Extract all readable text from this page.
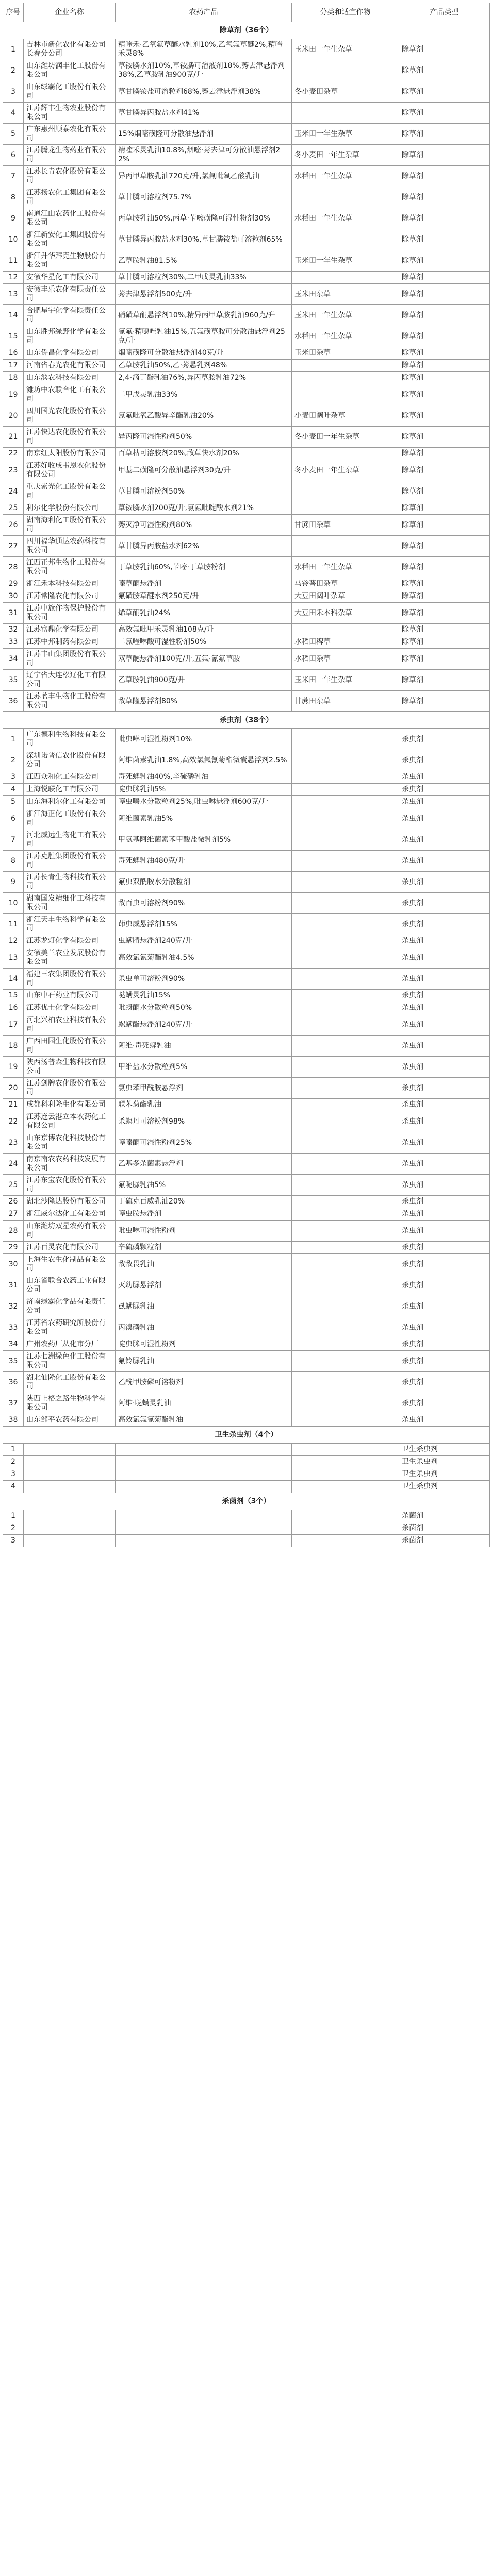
序号	企业名称	农药产品	分类和适宜作物	产品类型
除草剂（36个）				
1	吉林市新化农化有限公司长春分公司	精喹禾·乙氧氟草醚水乳剂10%,乙氧氟草醚2%,精喹禾灵8%	玉米田一年生杂草	除草剂
2	山东潍坊润丰化工股份有限公司	草铵膦水剂10%,草铵膦可溶液剂18%,莠去津悬浮剂38%,乙草胺乳油900克/升		除草剂
3	山东绿霸化工股份有限公司	草甘膦铵盐可溶粒剂68%,莠去津悬浮剂38%	冬小麦田杂草	除草剂
4	江苏辉丰生物农业股份有限公司	草甘膦异丙胺盐水剂41%		除草剂
5	广东惠州顺泰农化有限公司	15%烟嘧磺隆可分散油悬浮剂	玉米田一年生杂草	除草剂
6	江苏腾龙生物药业有限公司	精喹禾灵乳油10.8%,烟嘧·莠去津可分散油悬浮剂22%	冬小麦田一年生杂草	除草剂
7	江苏长青农化股份有限公司	异丙甲草胺乳油720克/升,氯氟吡氧乙酸乳油	水稻田一年生杂草	除草剂
8	江苏扬农化工集团有限公司	草甘膦可溶粒剂75.7%		除草剂
9	南通江山农药化工股份有限公司	丙草胺乳油50%,丙草·苄嘧磺隆可湿性粉剂30%	水稻田一年生杂草	除草剂
10	浙江新安化工集团股份有限公司	草甘膦异丙胺盐水剂30%,草甘膦铵盐可溶粒剂65%		除草剂
11	浙江升华拜克生物股份有限公司	乙草胺乳油81.5%	玉米田一年生杂草	除草剂
12	安徽华星化工有限公司	草甘膦可溶粒剂30%,二甲戊灵乳油33%		除草剂
13	安徽丰乐农化有限责任公司	莠去津悬浮剂500克/升	玉米田杂草	除草剂
14	合肥星宇化学有限责任公司	硝磺草酮悬浮剂10%,精异丙甲草胺乳油960克/升	玉米田一年生杂草	除草剂
15	山东胜邦绿野化学有限公司	氰氟·精噁唑乳油15%,五氟磺草胺可分散油悬浮剂25克/升	水稻田一年生杂草	除草剂
16	山东侨昌化学有限公司	烟嘧磺隆可分散油悬浮剂40克/升	玉米田杂草	除草剂
17	河南省春光农化有限公司	乙草胺乳油50%,乙·莠悬乳剂48%		除草剂
18	山东滨农科技有限公司	2,4-滴丁酯乳油76%,异丙草胺乳油72%		除草剂
19	潍坊中农联合化工有限公司	二甲戊灵乳油33%		除草剂
20	四川国光农化股份有限公司	氯氟吡氧乙酸异辛酯乳油20%	小麦田阔叶杂草	除草剂
21	江苏快达农化股份有限公司	异丙隆可湿性粉剂50%	冬小麦田一年生杂草	除草剂
22	南京红太阳股份有限公司	百草枯可溶胶剂20%,敌草快水剂20%		除草剂
23	江苏好收成韦恩农化股份有限公司	甲基二磺隆可分散油悬浮剂30克/升	冬小麦田一年生杂草	除草剂
24	重庆紫光化工股份有限公司	草甘膦可溶粉剂50%		除草剂
25	利尔化学股份有限公司	草铵膦水剂200克/升,氯氨吡啶酸水剂21%		除草剂
26	湖南海利化工股份有限公司	莠灭净可湿性粉剂80%	甘蔗田杂草	除草剂
27	四川福华通达农药科技有限公司	草甘膦异丙胺盐水剂62%		除草剂
28	江西正邦生物化工股份有限公司	丁草胺乳油60%,苄嘧·丁草胺粉剂	水稻田一年生杂草	除草剂
29	浙江禾本科技有限公司	嗪草酮悬浮剂	马铃薯田杂草	除草剂
30	江苏常隆农化有限公司	氟磺胺草醚水剂250克/升	大豆田阔叶杂草	除草剂
31	江苏中旗作物保护股份有限公司	烯草酮乳油24%	大豆田禾本科杂草	除草剂
32	江苏富鼎化学有限公司	高效氟吡甲禾灵乳油108克/升		除草剂
33	江苏中邦制药有限公司	二氯喹啉酸可湿性粉剂50%	水稻田稗草	除草剂
34	江苏丰山集团股份有限公司	双草醚悬浮剂100克/升,五氟·氰氟草胺	水稻田杂草	除草剂
35	辽宁省大连松辽化工有限公司	乙草胺乳油900克/升	玉米田一年生杂草	除草剂
36	江苏蓝丰生物化工股份有限公司	敌草隆悬浮剂80%	甘蔗田杂草	除草剂
杀虫剂（38个）				
1	广东德利生物科技有限公司	吡虫啉可湿性粉剂10%		杀虫剂
2	深圳诺普信农化股份有限公司	阿维菌素乳油1.8%,高效氯氟氰菊酯微囊悬浮剂2.5%		杀虫剂
3	江西众和化工有限公司	毒死蜱乳油40%,辛硫磷乳油		杀虫剂
4	上海悦联化工有限公司	啶虫脒乳油5%		杀虫剂
5	山东海利尔化工有限公司	噻虫嗪水分散粒剂25%,吡虫啉悬浮剂600克/升		杀虫剂
6	浙江海正化工股份有限公司	阿维菌素乳油5%		杀虫剂
7	河北威远生物化工有限公司	甲氨基阿维菌素苯甲酸盐微乳剂5%		杀虫剂
8	江苏克胜集团股份有限公司	毒死蜱乳油480克/升		杀虫剂
9	江苏长青生物科技有限公司	氟虫双酰胺水分散粒剂		杀虫剂
10	湖南国发精细化工科技有限公司	敌百虫可溶粉剂90%		杀虫剂
11	浙江天丰生物科学有限公司	茚虫威悬浮剂15%		杀虫剂
12	江苏龙灯化学有限公司	虫螨腈悬浮剂240克/升		杀虫剂
13	安徽美兰农业发展股份有限公司	高效氯氰菊酯乳油4.5%		杀虫剂
14	福建三农集团股份有限公司	杀虫单可溶粉剂90%		杀虫剂
15	山东中石药业有限公司	哒螨灵乳油15%		杀虫剂
16	江苏优士化学有限公司	吡蚜酮水分散粒剂50%		杀虫剂
17	河北兴柏农业科技有限公司	螺螨酯悬浮剂240克/升		杀虫剂
18	广西田园生化股份有限公司	阿维·毒死蜱乳油		杀虫剂
19	陕西汤普森生物科技有限公司	甲维盐水分散粒剂5%		杀虫剂
20	江苏剑牌农化股份有限公司	氯虫苯甲酰胺悬浮剂		杀虫剂
21	成都科利隆生化有限公司	联苯菊酯乳油		杀虫剂
22	江苏连云港立本农药化工有限公司	杀螟丹可溶粉剂98%		杀虫剂
23	山东京博农化科技股份有限公司	噻嗪酮可湿性粉剂25%		杀虫剂
24	南京南农农药科技发展有限公司	乙基多杀菌素悬浮剂		杀虫剂
25	江苏东宝农化股份有限公司	氟啶脲乳油5%		杀虫剂
26	湖北沙隆达股份有限公司	丁硫克百威乳油20%		杀虫剂
27	浙江威尔达化工有限公司	噻虫胺悬浮剂		杀虫剂
28	山东潍坊双星农药有限公司	吡虫啉可湿性粉剂		杀虫剂
29	江苏百灵农化有限公司	辛硫磷颗粒剂		杀虫剂
30	上海生农生化制品有限公司	敌敌畏乳油		杀虫剂
31	山东省联合农药工业有限公司	灭幼脲悬浮剂		杀虫剂
32	济南绿霸化学品有限责任公司	虱螨脲乳油		杀虫剂
33	江苏省农药研究所股份有限公司	丙溴磷乳油		杀虫剂
34	广州农药厂从化市分厂	啶虫脒可湿性粉剂		杀虫剂
35	江苏七洲绿色化工股份有限公司	氟铃脲乳油		杀虫剂
36	湖北仙隆化工股份有限公司	乙酰甲胺磷可溶粉剂		杀虫剂
37	陕西上格之路生物科学有限公司	阿维·哒螨灵乳油		杀虫剂
38	山东邹平农药有限公司	高效氯氟氰菊酯乳油		杀虫剂
卫生杀虫剂（4个）				
1				卫生杀虫剂
2				卫生杀虫剂
3				卫生杀虫剂
4				卫生杀虫剂
杀菌剂（3个）				
1				杀菌剂
2				杀菌剂
3				杀菌剂
